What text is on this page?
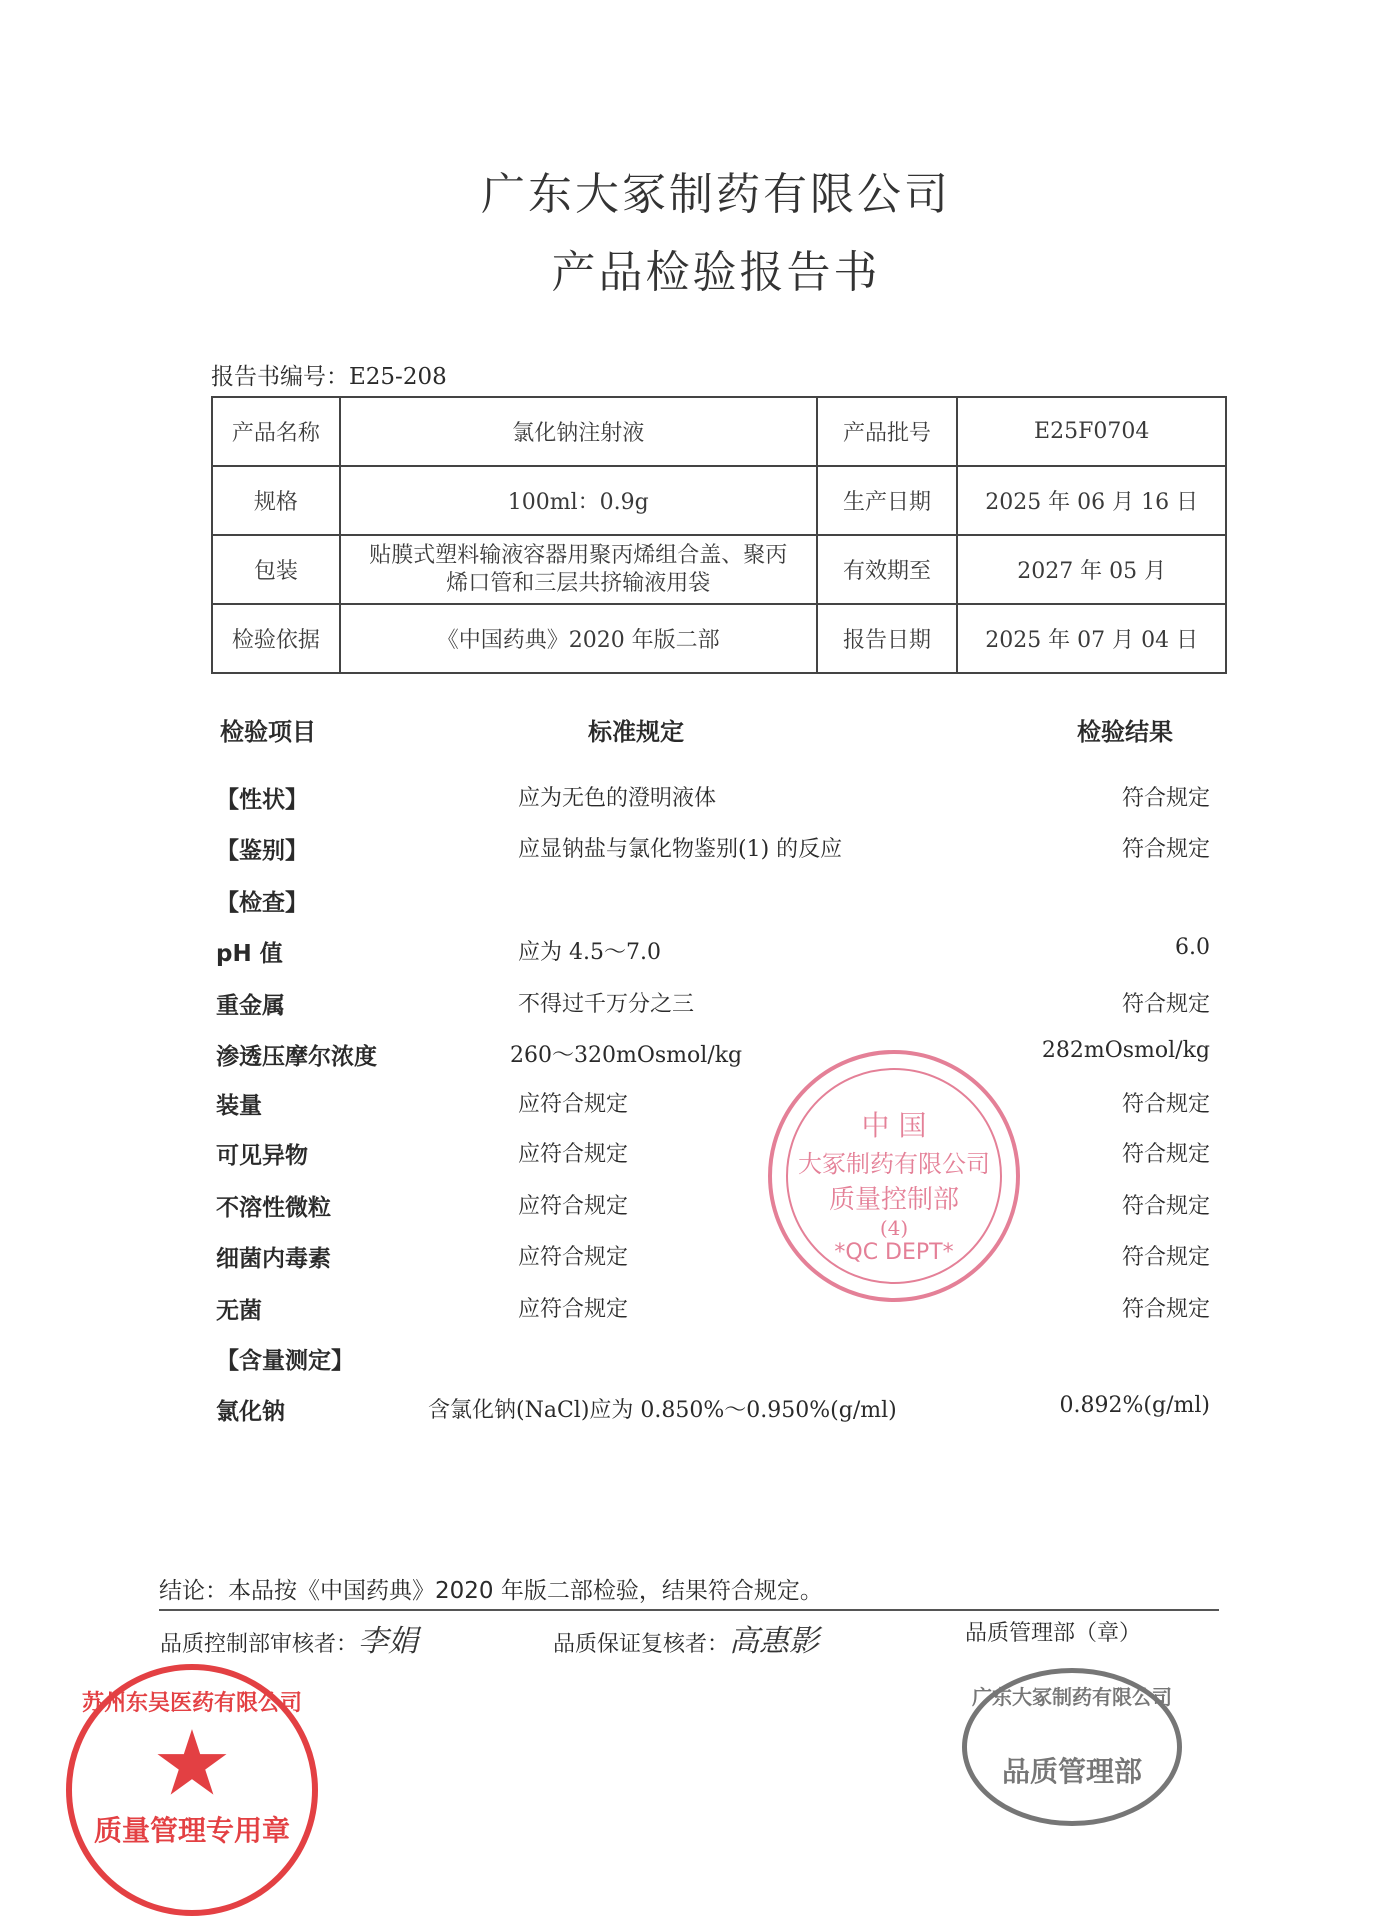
广东大冢制药有限公司
产品检验报告书
报告书编号：E25-208
产品名称	氯化钠注射液	产品批号	E25F0704
规格	100ml：0.9g	生产日期	2025 年 06 月 16 日
包装	贴膜式塑料输液容器用聚丙烯组合盖、聚丙烯口管和三层共挤输液用袋	有效期至	2027 年 05 月
检验依据	《中国药典》2020 年版二部	报告日期	2025 年 07 月 04 日
检验项目	标准规定	检验结果
【性状】	应为无色的澄明液体	符合规定
【鉴别】	应显钠盐与氯化物鉴别(1) 的反应	符合规定
【检查】
pH 值	应为 4.5～7.0	6.0
重金属	不得过千万分之三	符合规定
渗透压摩尔浓度	260～320mOsmol/kg	282mOsmol/kg
装量	应符合规定	符合规定
可见异物	应符合规定	符合规定
不溶性微粒	应符合规定	符合规定
细菌内毒素	应符合规定	符合规定
无菌	应符合规定	符合规定
【含量测定】
氯化钠	含氯化钠(NaCl)应为 0.850%～0.950%(g/ml)	0.892%(g/ml)
中 国
大冢制药有限公司
质量控制部
(4)
*QC DEPT*
结论：本品按《中国药典》2020 年版二部检验，结果符合规定。
品质控制部审核者：李娟	品质保证复核者：高惠影	品质管理部（章）
广东大冢制药有限公司
品质管理部
苏州东吴医药有限公司
★
质量管理专用章
